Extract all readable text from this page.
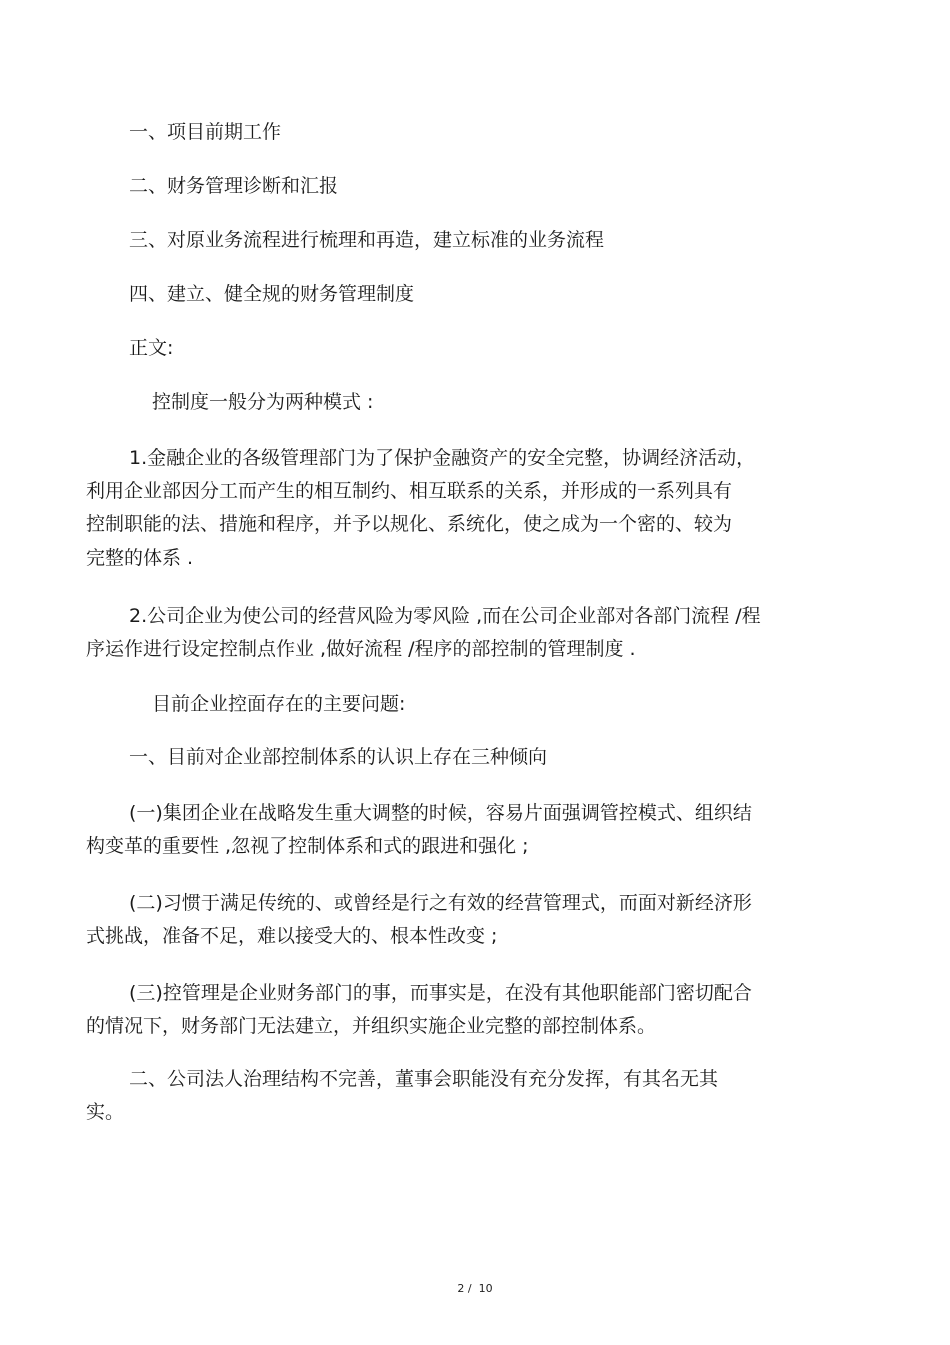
一、项目前期工作
二、财务管理诊断和汇报
三、对原业务流程进行梳理和再造，建立标准的业务流程
四、建立、健全规的财务管理制度
正文:
控制度一般分为两种模式 :
1.金融企业的各级管理部门为了保护金融资产的安全完整，协调经济活动，
利用企业部因分工而产生的相互制约、相互联系的关系，并形成的一系列具有
控制职能的法、措施和程序，并予以规化、系统化，使之成为一个密的、较为
完整的体系 .
2.公司企业为使公司的经营风险为零风险 ,而在公司企业部对各部门流程 /程
序运作进行设定控制点作业 ,做好流程 /程序的部控制的管理制度 .
目前企业控面存在的主要问题:
一、目前对企业部控制体系的认识上存在三种倾向
(一)集团企业在战略发生重大调整的时候，容易片面强调管控模式、组织结
构变革的重要性 ,忽视了控制体系和式的跟进和强化 ;
(二)习惯于满足传统的、或曾经是行之有效的经营管理式，而面对新经济形
式挑战，准备不足，难以接受大的、根本性改变 ;
(三)控管理是企业财务部门的事，而事实是，在没有其他职能部门密切配合
的情况下，财务部门无法建立，并组织实施企业完整的部控制体系。
二、公司法人治理结构不完善，董事会职能没有充分发挥，有其名无其
实。
2 /  10
